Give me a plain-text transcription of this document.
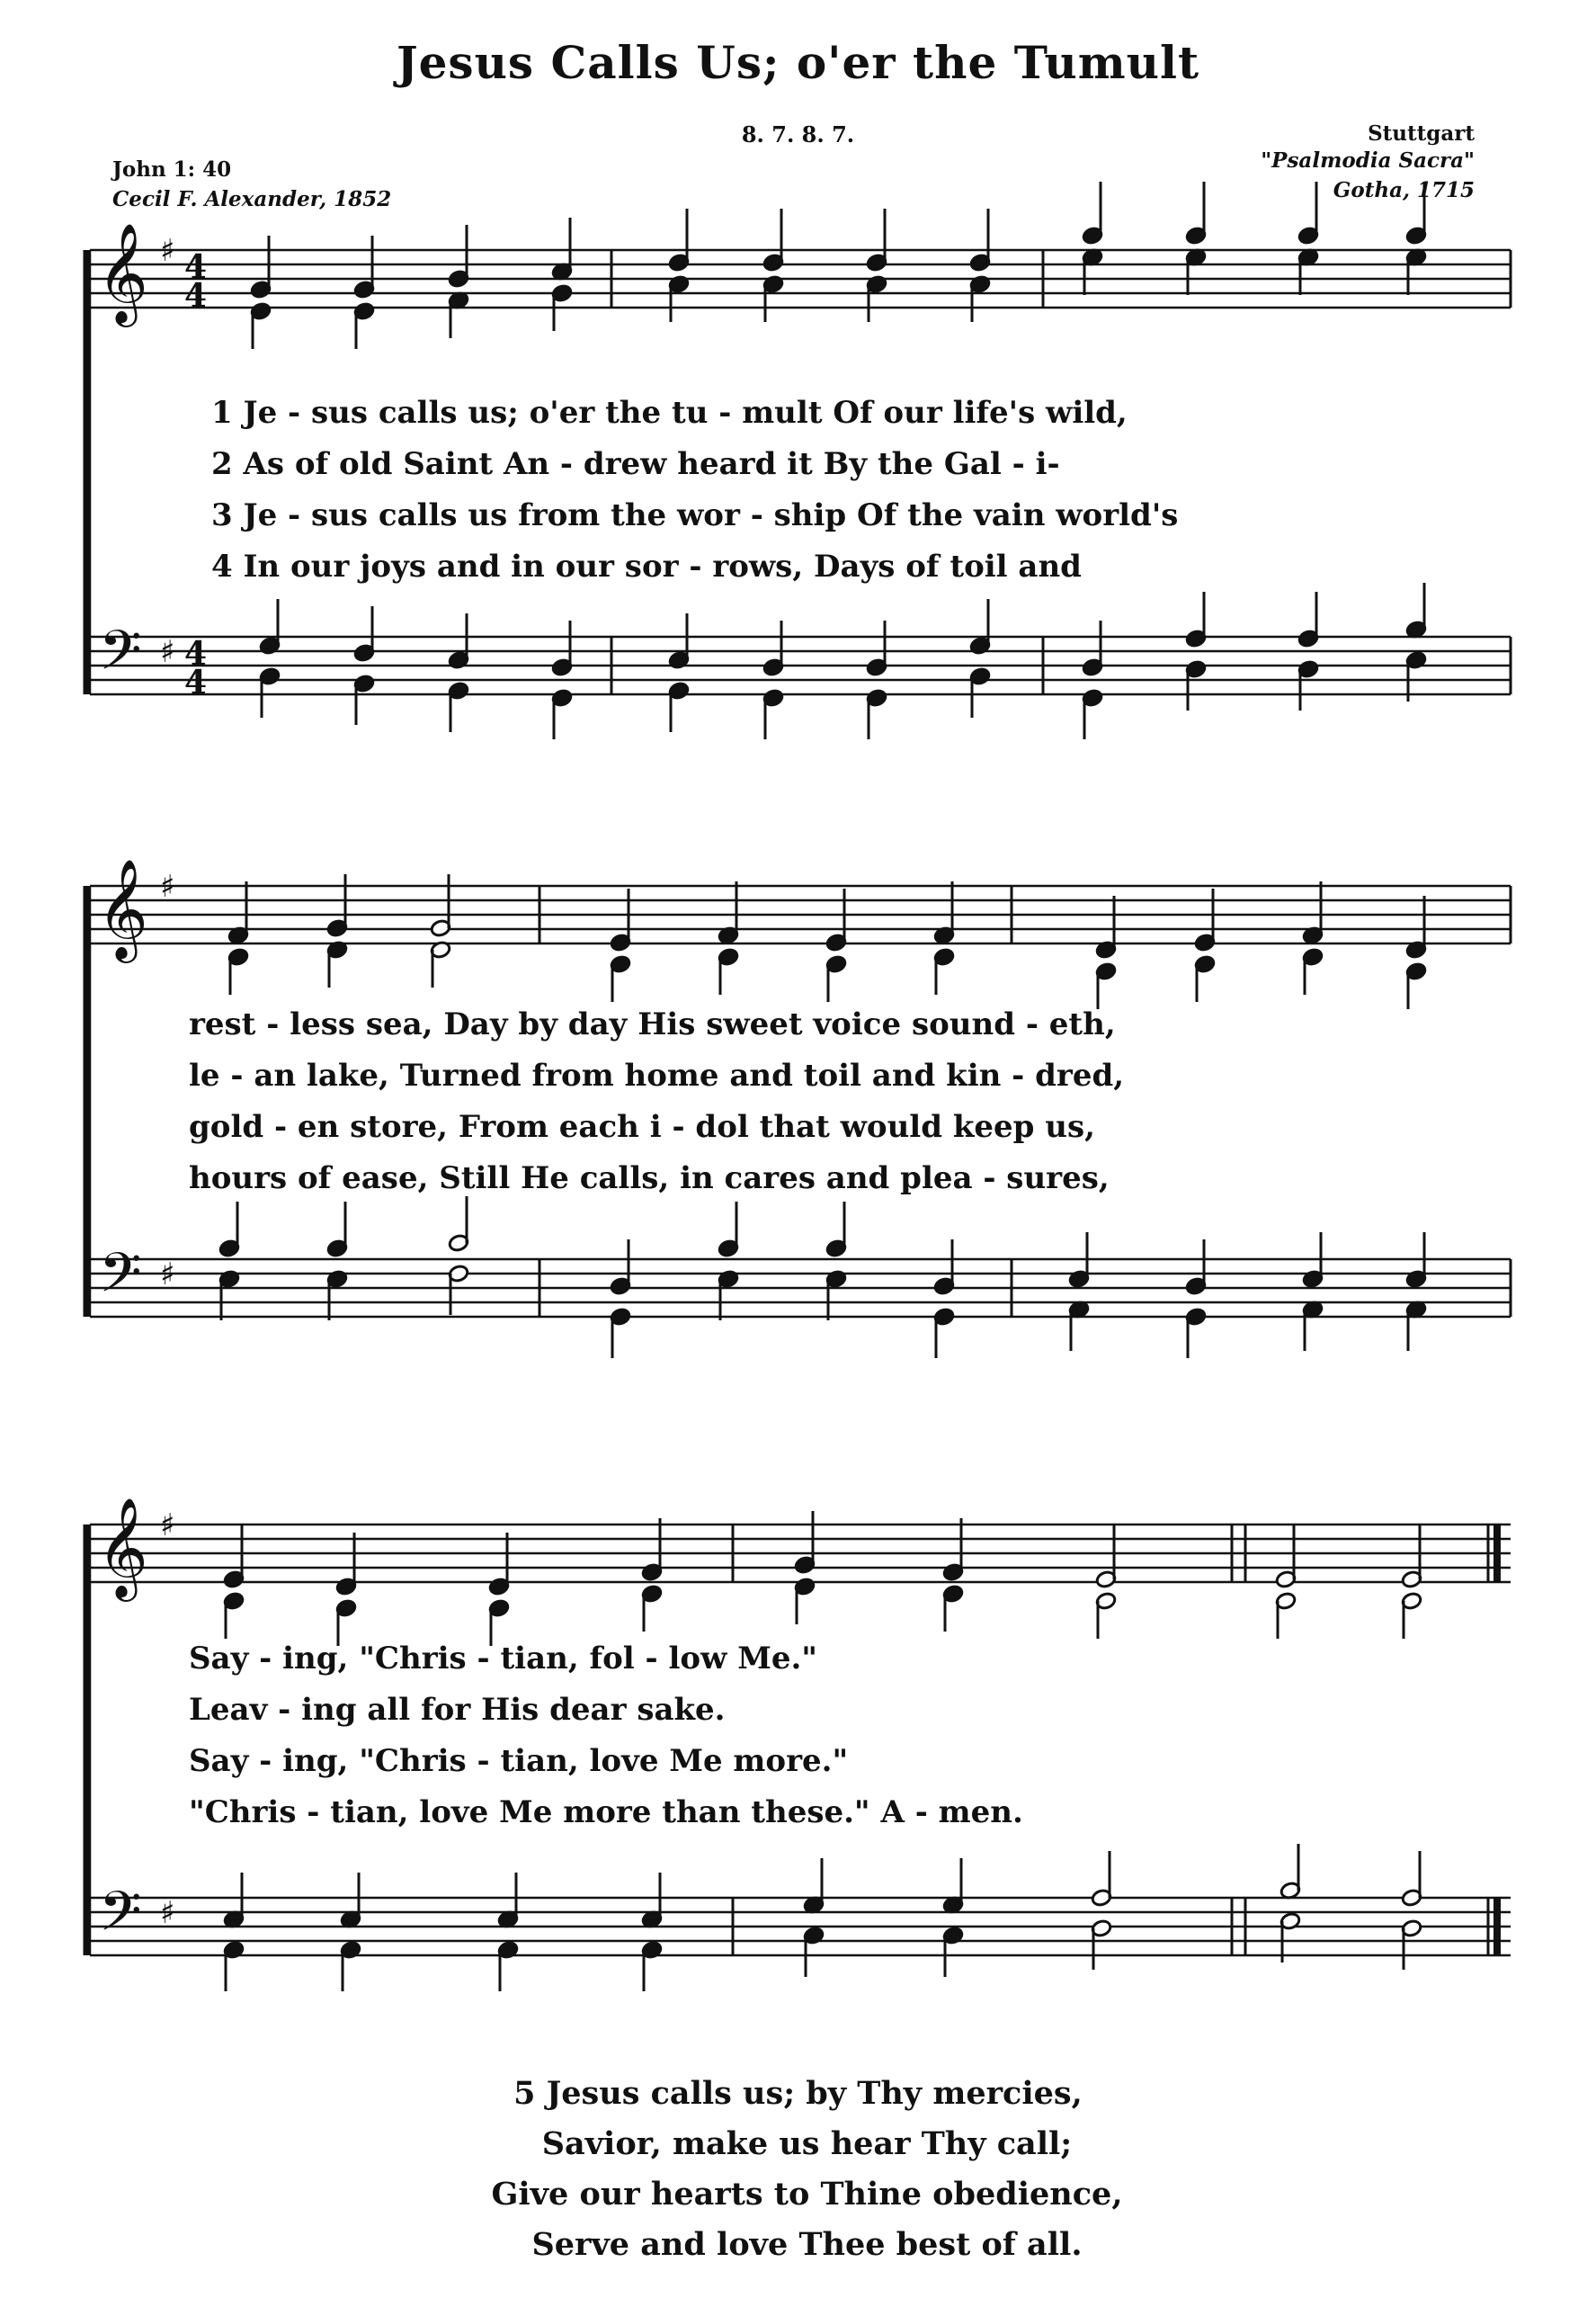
Jesus Calls Us; o'er the Tumult
8. 7. 8. 7.
John 1: 40
Cecil F. Alexander, 1852
Stuttgart
"Psalmodia Sacra"
Gotha, 1715
𝄞
𝄢
♯
♯
4
4
4
4
1 Je - sus calls us; o'er the tu - mult Of our life's wild,
2 As of old Saint An - drew heard it By the Gal - i-
3 Je - sus calls us from the wor - ship Of the vain world's
4 In our joys and in our sor - rows, Days of toil and
𝄞
𝄢
♯
♯
rest - less sea, Day by day His sweet voice sound - eth,
le - an lake, Turned from home and toil and kin - dred,
gold - en store, From each i - dol that would keep us,
hours of ease, Still He calls, in cares and plea - sures,
𝄞
𝄢
♯
♯
Say - ing, "Chris - tian, fol - low Me."
Leav - ing all for His dear sake.
Say - ing, "Chris - tian, love Me more."
"Chris - tian, love Me more than these." A - men.
5 Jesus calls us; by Thy mercies,
Savior, make us hear Thy call;
Give our hearts to Thine obedience,
Serve and love Thee best of all.
